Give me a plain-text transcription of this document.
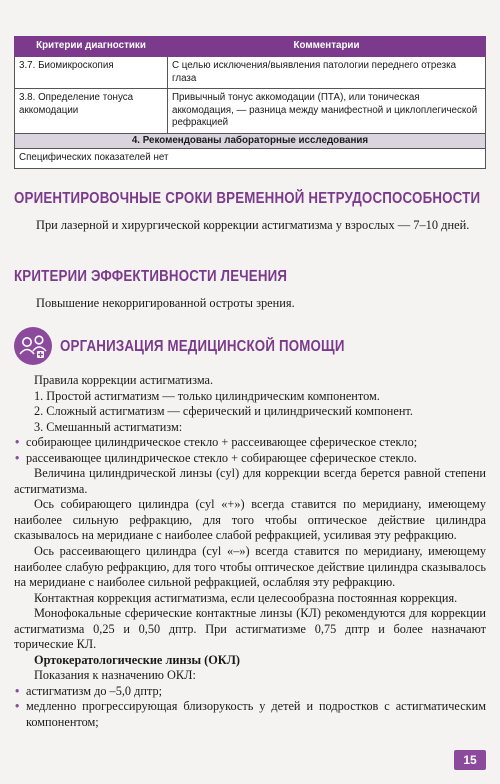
Критерии диагностики	Комментарии
3.7. Биомикроскопия	С целью исключения/выявления патологии переднего отрезка глаза
3.8. Определение тонуса аккомодации	Привычный тонус аккомодации (ПТА), или тоническая аккомодация, — разница между манифестной и циклоплегической рефракцией
4. Рекомендованы лабораторные исследования	
Специфических показателей нет	
ОРИЕНТИРОВОЧНЫЕ СРОКИ ВРЕМЕННОЙ НЕТРУДОСПОСОБНОСТИ
При лазерной и хирургической коррекции астигматизма у взрослых — 7–10 дней.
КРИТЕРИИ ЭФФЕКТИВНОСТИ ЛЕЧЕНИЯ
Повышение некорригированной остроты зрения.
ОРГАНИЗАЦИЯ МЕДИЦИНСКОЙ ПОМОЩИ
Правила коррекции астигматизма.
1. Простой астигматизм — только цилиндрическим компонентом.
2. Сложный астигматизм — сферический и цилиндрический компонент.
3. Смешанный астигматизм:
• собирающее цилиндрическое стекло + рассеивающее сферическое стекло;
• рассеивающее цилиндрическое стекло + собирающее сферическое стекло.
Величина цилиндрической линзы (cyl) для коррекции всегда берется равной степени астигматизма.
Ось собирающего цилиндра (cyl «+») всегда ставится по меридиану, имеющему наиболее сильную рефракцию, для того чтобы оптическое действие цилиндра сказывалось на меридиане с наиболее слабой рефракцией, усиливая эту рефракцию.
Ось рассеивающего цилиндра (cyl «–») всегда ставится по меридиану, имеющему наиболее слабую рефракцию, для того чтобы оптическое действие цилиндра сказывалось на меридиане с наиболее сильной рефракцией, ослабляя эту рефракцию.
Контактная коррекция астигматизма, если целесообразна постоянная коррекция.
Монофокальные сферические контактные линзы (КЛ) рекомендуются для коррекции астигматизма 0,25 и 0,50 дптр. При астигматизме 0,75 дптр и более назначают торические КЛ.
Ортокератологические линзы (ОКЛ)
Показания к назначению ОКЛ:
• астигматизм до –5,0 дптр;
• медленно прогрессирующая близорукость у детей и подростков с астигматическим компонентом;
15
